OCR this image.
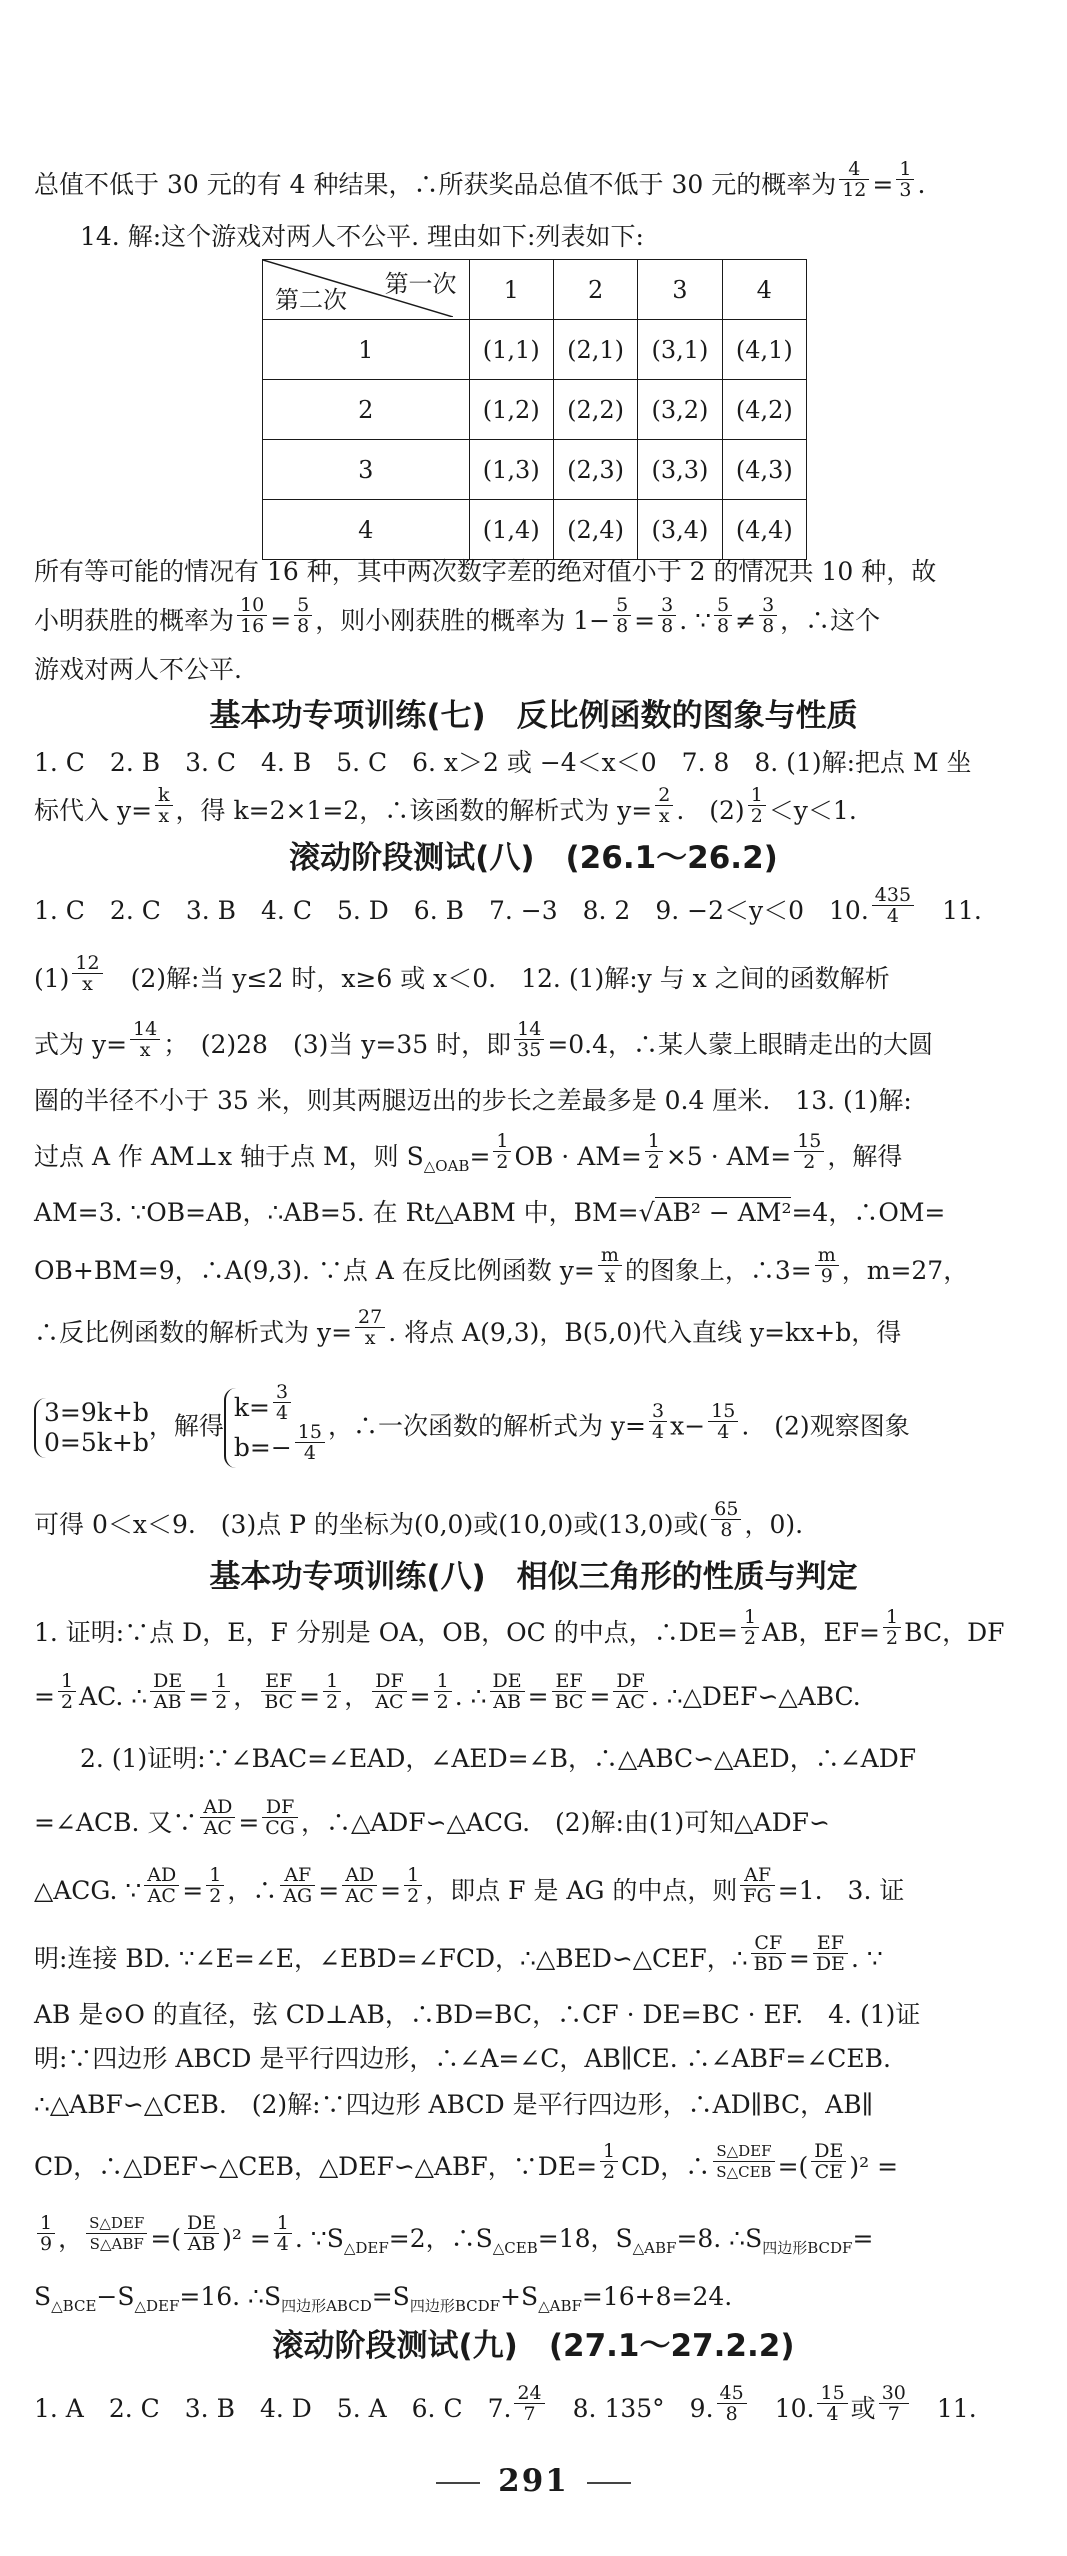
总值不低于 30 元的有 4 种结果，∴所获奖品总值不低于 30 元的概率为 $\frac{4}{12} = \frac{1}{3}$ .
14. 解:这个游戏对两人不公平. 理由如下:列表如下:
第一次
第二次	1	2	3	4
1	(1,1)	(2,1)	(3,1)	(4,1)
2	(1,2)	(2,2)	(3,2)	(4,2)
3	(1,3)	(2,3)	(3,3)	(4,3)
4	(1,4)	(2,4)	(3,4)	(4,4)
所有等可能的情况有 16 种，其中两次数字差的绝对值小于 2 的情况共 10 种，故
小明获胜的概率为 $\frac{10}{16} = \frac{5}{8}$ ，则小刚获胜的概率为 $1- \frac{5}{8} = \frac{3}{8}$ . ∵ $\frac{5}{8} \ne \frac{3}{8}$ ，∴这个
游戏对两人不公平.
基本功专项训练(七)　反比例函数的图象与性质
1. C　2. B　3. C　4. B　5. C　6. x＞2 或 −4＜x＜0　7. 8　8. (1)解:把点 M 坐
标代入 $y= \frac{k}{x}$ ，得 k=2×1=2，∴该函数的解析式为 $y= \frac{2}{x}$ .　$(2) \frac{1}{2} <y<1$.
滚动阶段测试(八)　(26.1～26.2)
1. C　2. C　3. B　4. C　5. D　6. B　7. −3　8. 2　9. −2＜y＜0　10. $\frac{435}{4}$
　 11.
$(1) \frac{12}{x}$ 　(2)解:当 y≤2 时，x≥6 或 x＜0.　12. (1)解:y 与 x 之间的函数解析
式为 $y= \frac{14}{x}$ ；　(2)28　(3)当 y=35 时，即 $\frac{14}{35} =0.4$，∴某人蒙上眼睛走出的大圆
圈的半径不小于 35 米，则其两腿迈出的步长之差最多是 0.4 厘米.　13. (1)解:
过点 A 作 AM⊥x 轴于点 M，则 $S_{\triangle OAB}= \frac{1}{2}$ OB · $AM= \frac{1}{2} \times 5 \cdot AM= \frac{15}{2}$ ，解得
AM=3. ∵OB=AB，∴AB=5. 在 Rt△ABM 中，BM=√AB² − AM²=4，∴OM=
OB+BM=9，∴A(9,3). ∵点 A 在反比例函数 $y= \frac{m}{x}$ 的图象上，∴3= $\frac{m}{9}$ ，m=27，
∴反比例函数的解析式为 $y= \frac{27}{x}$ . 将点 A(9,3)，B(5,0)代入直线 y=kx+b，得
3=9k+b
0=5k+b
，解得
$k= \frac{3}{4}$
$b=- \frac{15}{4}$ ，∴一次函数的解析式为 $y= \frac{3}{4} x- \frac{15}{4}$ .　(2)观察图象
可得 0＜x＜9.　(3)点 P 的坐标为(0,0)或(10,0)或(13,0)或( $\frac{65}{8}$ ，0).
基本功专项训练(八)　相似三角形的性质与判定
1. 证明:∵点 D，E，F 分别是 OA，OB，OC 的中点，∴DE= $\frac{1}{2}$ AB，$EF= \frac{1}{2}$ BC，DF
= $\frac{1}{2}$ AC. ∴ $\frac{DE}{AB} = \frac{1}{2}$ ， $\frac{EF}{BC} = \frac{1}{2}$ ， $\frac{DF}{AC} = \frac{1}{2}$ . ∴ $\frac{DE}{AB} = \frac{EF}{BC} = \frac{DF}{AC}$ . ∴△DEF∽△ABC.
2. (1)证明:∵∠BAC=∠EAD，∠AED=∠B，∴△ABC∽△AED，∴∠ADF
=∠ACB. 又∵ $\frac{AD}{AC} = \frac{DF}{CG}$ ，∴△ADF∽△ACG.　(2)解:由(1)可知△ADF∽
△ACG. ∵ $\frac{AD}{AC} = \frac{1}{2}$ ，∴ $\frac{AF}{AG} = \frac{AD}{AC} = \frac{1}{2}$ ，即点 F 是 AG 的中点，则 $\frac{AF}{FG} =1$.　3. 证
明:连接 BD. ∵∠E=∠E，∠EBD=∠FCD，∴△BED∽△CEF，∴ $\frac{CF}{BD} = \frac{EF}{DE}$ . ∵
AB 是⊙O 的直径，弦 CD⊥AB，∴BD=BC，∴CF · DE=BC · EF.　4. (1)证
明:∵四边形 ABCD 是平行四边形，∴∠A=∠C，AB∥CE. ∴∠ABF=∠CEB.
∴△ABF∽△CEB.　(2)解:∵四边形 ABCD 是平行四边形，∴AD∥BC，AB∥
CD，∴△DEF∽△CEB，△DEF∽△ABF，∵DE= $\frac{1}{2}$ CD，∴ $\frac{\text{S△DEF}}{\text{S△CEB}}$ =( $\frac{DE}{CE} )^2$ =
$\frac{1}{9}$ ， $\frac{\text{S△DEF}}{\text{S△ABF}}$ =( $\frac{DE}{AB} )^2 = \frac{1}{4}$ . $\because S_{\triangle DEF}=2$，$\therefore S_{\triangle CEB}=18$，$S_{\triangle ABF}=8$. $\therefore S_{四边形BCDF}=$
$S_{\triangle BCE}-S_{\triangle DEF}=16$. $\therefore S_{四边形ABCD}=S_{四边形BCDF}+S_{\triangle ABF}=16+8=24$.
滚动阶段测试(九)　(27.1～27.2.2)
1. A　2. C　3. B　4. D　5. A　6. C　7. $\frac{24}{7}$
　 8. 135°　9. $\frac{45}{8}$
　 10. $\frac{15}{4}$ 或 $\frac{30}{7}$
　 11.
291
